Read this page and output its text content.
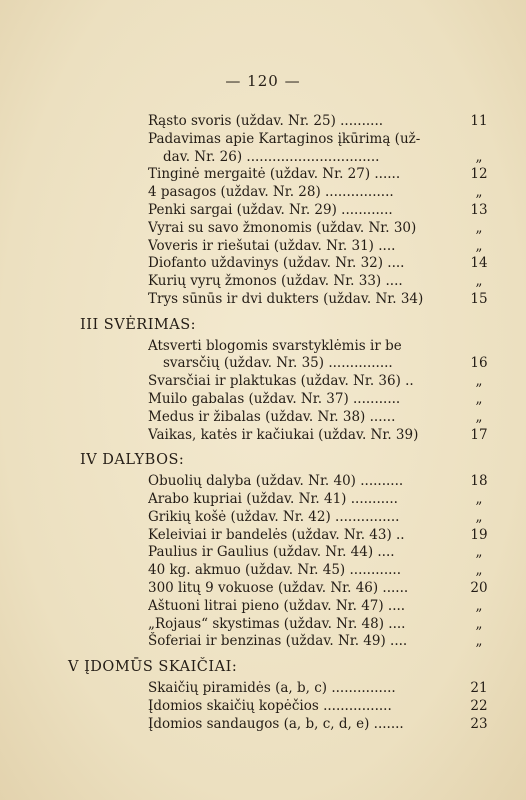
— 120 —
Rąsto svoris (uždav. Nr. 25) ..........	11
Padavimas apie Kartaginos įkūrimą (už-
dav. Nr. 26) ...............................	„
Tinginė mergaitė (uždav. Nr. 27) ......	12
4 pasagos (uždav. Nr. 28) ................	„
Penki sargai (uždav. Nr. 29) ............	13
Vyrai su savo žmonomis (uždav. Nr. 30)	„
Voveris ir riešutai (uždav. Nr. 31) ....	„
Diofanto uždavinys (uždav. Nr. 32) ....	14
Kurių vyrų žmonos (uždav. Nr. 33) ....	„
Trys sūnūs ir dvi dukters (uždav. Nr. 34)	15
III SVĖRIMAS:
Atsverti blogomis svarstyklėmis ir be
svarsčių (uždav. Nr. 35) ...............	16
Svarsčiai ir plaktukas (uždav. Nr. 36) ..	„
Muilo gabalas (uždav. Nr. 37) ...........	„
Medus ir žibalas (uždav. Nr. 38) ......	„
Vaikas, katės ir kačiukai (uždav. Nr. 39)	17
IV DALYBOS:
Obuolių dalyba (uždav. Nr. 40) ..........	18
Arabo kupriai (uždav. Nr. 41) ...........	„
Grikių košė (uždav. Nr. 42) ...............	„
Keleiviai ir bandelės (uždav. Nr. 43) ..	19
Paulius ir Gaulius (uždav. Nr. 44) ....	„
40 kg. akmuo (uždav. Nr. 45) ............	„
300 litų 9 vokuose (uždav. Nr. 46) ......	20
Aštuoni litrai pieno (uždav. Nr. 47) ....	„
„Rojaus“ skystimas (uždav. Nr. 48) ....	„
Šoferiai ir benzinas (uždav. Nr. 49) ....	„
V ĮDOMŪS SKAIČIAI:
Skaičių piramidės (a, b, c) ...............	21
Įdomios skaičių kopėčios ................	22
Įdomios sandaugos (a, b, c, d, e) .......	23
